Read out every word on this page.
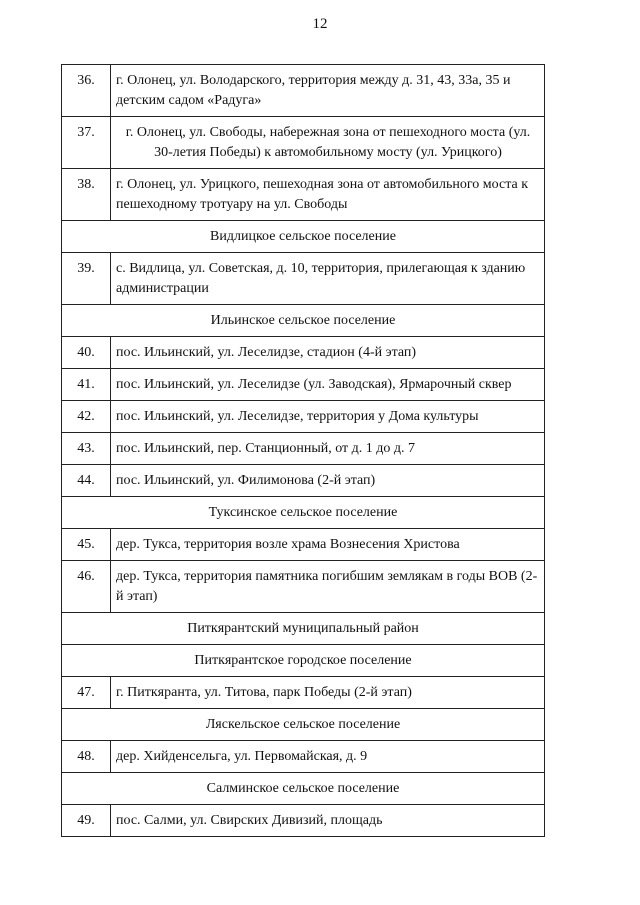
12
36.	г. Олонец, ул. Володарского, территория между д. 31, 43, 33а, 35 и детским садом «Радуга»
37.	г. Олонец, ул. Свободы, набережная зона от пешеходного моста (ул. 30-летия Победы) к автомобильному мосту (ул. Урицкого)
38.	г. Олонец, ул. Урицкого, пешеходная зона от автомобильного моста к пешеходному тротуару на ул. Свободы
Видлицкое сельское поселение	
39.	с. Видлица, ул. Советская, д. 10, территория, прилегающая к зданию администрации
Ильинское сельское поселение	
40.	пос. Ильинский, ул. Леселидзе, стадион (4-й этап)
41.	пос. Ильинский, ул. Леселидзе (ул. Заводская), Ярмарочный сквер
42.	пос. Ильинский, ул. Леселидзе, территория у Дома культуры
43.	пос. Ильинский, пер. Станционный, от д. 1 до д. 7
44.	пос. Ильинский, ул. Филимонова (2-й этап)
Туксинское сельское поселение	
45.	дер. Тукса, территория возле храма Вознесения Христова
46.	дер. Тукса, территория памятника погибшим землякам в годы ВОВ (2-й этап)
Питкярантский муниципальный район	
Питкярантское городское поселение	
47.	г. Питкяранта, ул. Титова, парк Победы (2-й этап)
Ляскельское сельское поселение	
48.	дер. Хийденсельга, ул. Первомайская, д. 9
Салминское сельское поселение	
49.	пос. Салми, ул. Свирских Дивизий, площадь
